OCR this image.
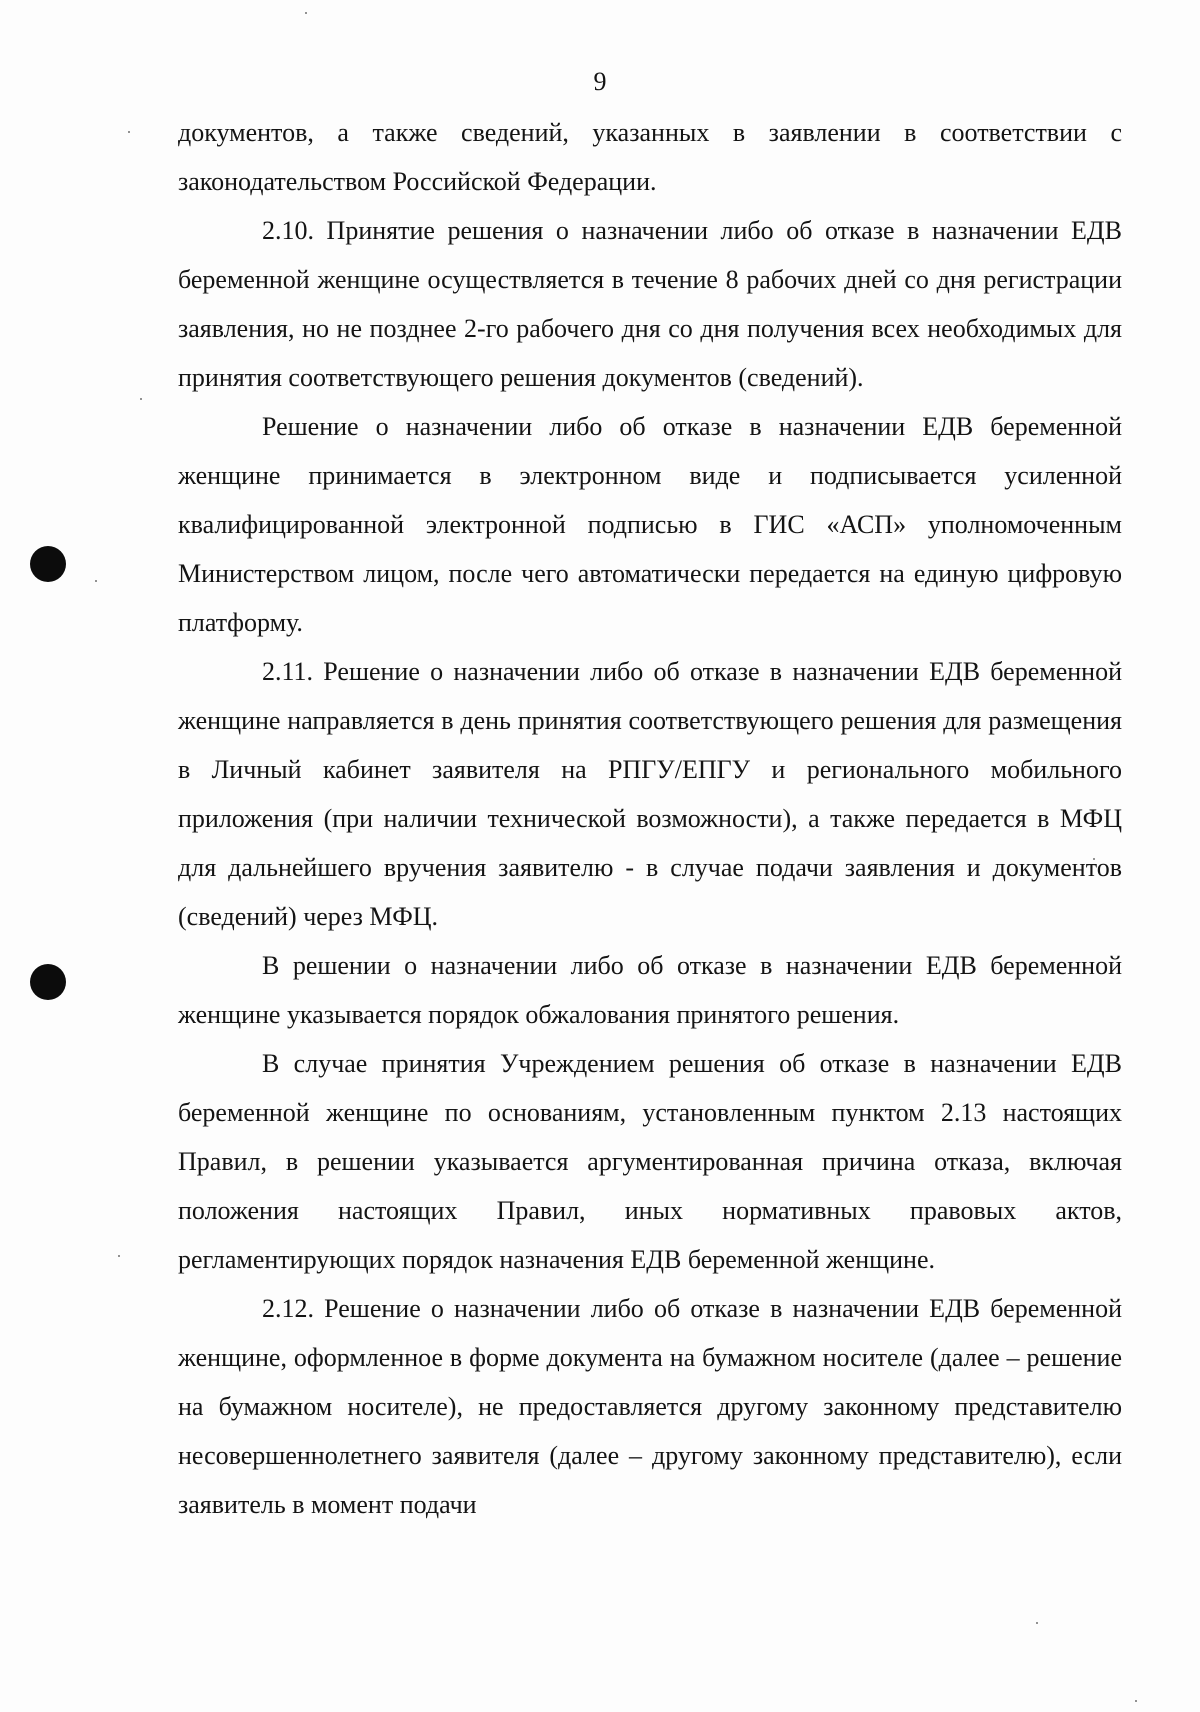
9

документов, а также сведений, указанных в заявлении в соответствии с законодательством Российской Федерации.

2.10. Принятие решения о назначении либо об отказе в назначении ЕДВ беременной женщине осуществляется в течение 8 рабочих дней со дня регистрации заявления, но не позднее 2-го рабочего дня со дня получения всех необходимых для принятия соответствующего решения документов (сведений).

Решение о назначении либо об отказе в назначении ЕДВ беременной женщине принимается в электронном виде и подписывается усиленной квалифицированной электронной подписью в ГИС «АСП» уполномоченным Министерством лицом, после чего автоматически передается на единую цифровую платформу.

2.11. Решение о назначении либо об отказе в назначении ЕДВ беременной женщине направляется в день принятия соответствующего решения для размещения в Личный кабинет заявителя на РПГУ/ЕПГУ и регионального мобильного приложения (при наличии технической возможности), а также передается в МФЦ для дальнейшего вручения заявителю - в случае подачи заявления и документов (сведений) через МФЦ.

В решении о назначении либо об отказе в назначении ЕДВ беременной женщине указывается порядок обжалования принятого решения.

В случае принятия Учреждением решения об отказе в назначении ЕДВ беременной женщине по основаниям, установленным пунктом 2.13 настоящих Правил, в решении указывается аргументированная причина отказа, включая положения настоящих Правил, иных нормативных правовых актов, регламентирующих порядок назначения ЕДВ беременной женщине.

2.12. Решение о назначении либо об отказе в назначении ЕДВ беременной женщине, оформленное в форме документа на бумажном носителе (далее – решение на бумажном носителе), не предоставляется другому законному представителю несовершеннолетнего заявителя (далее – другому законному представителю), если заявитель в момент подачи
